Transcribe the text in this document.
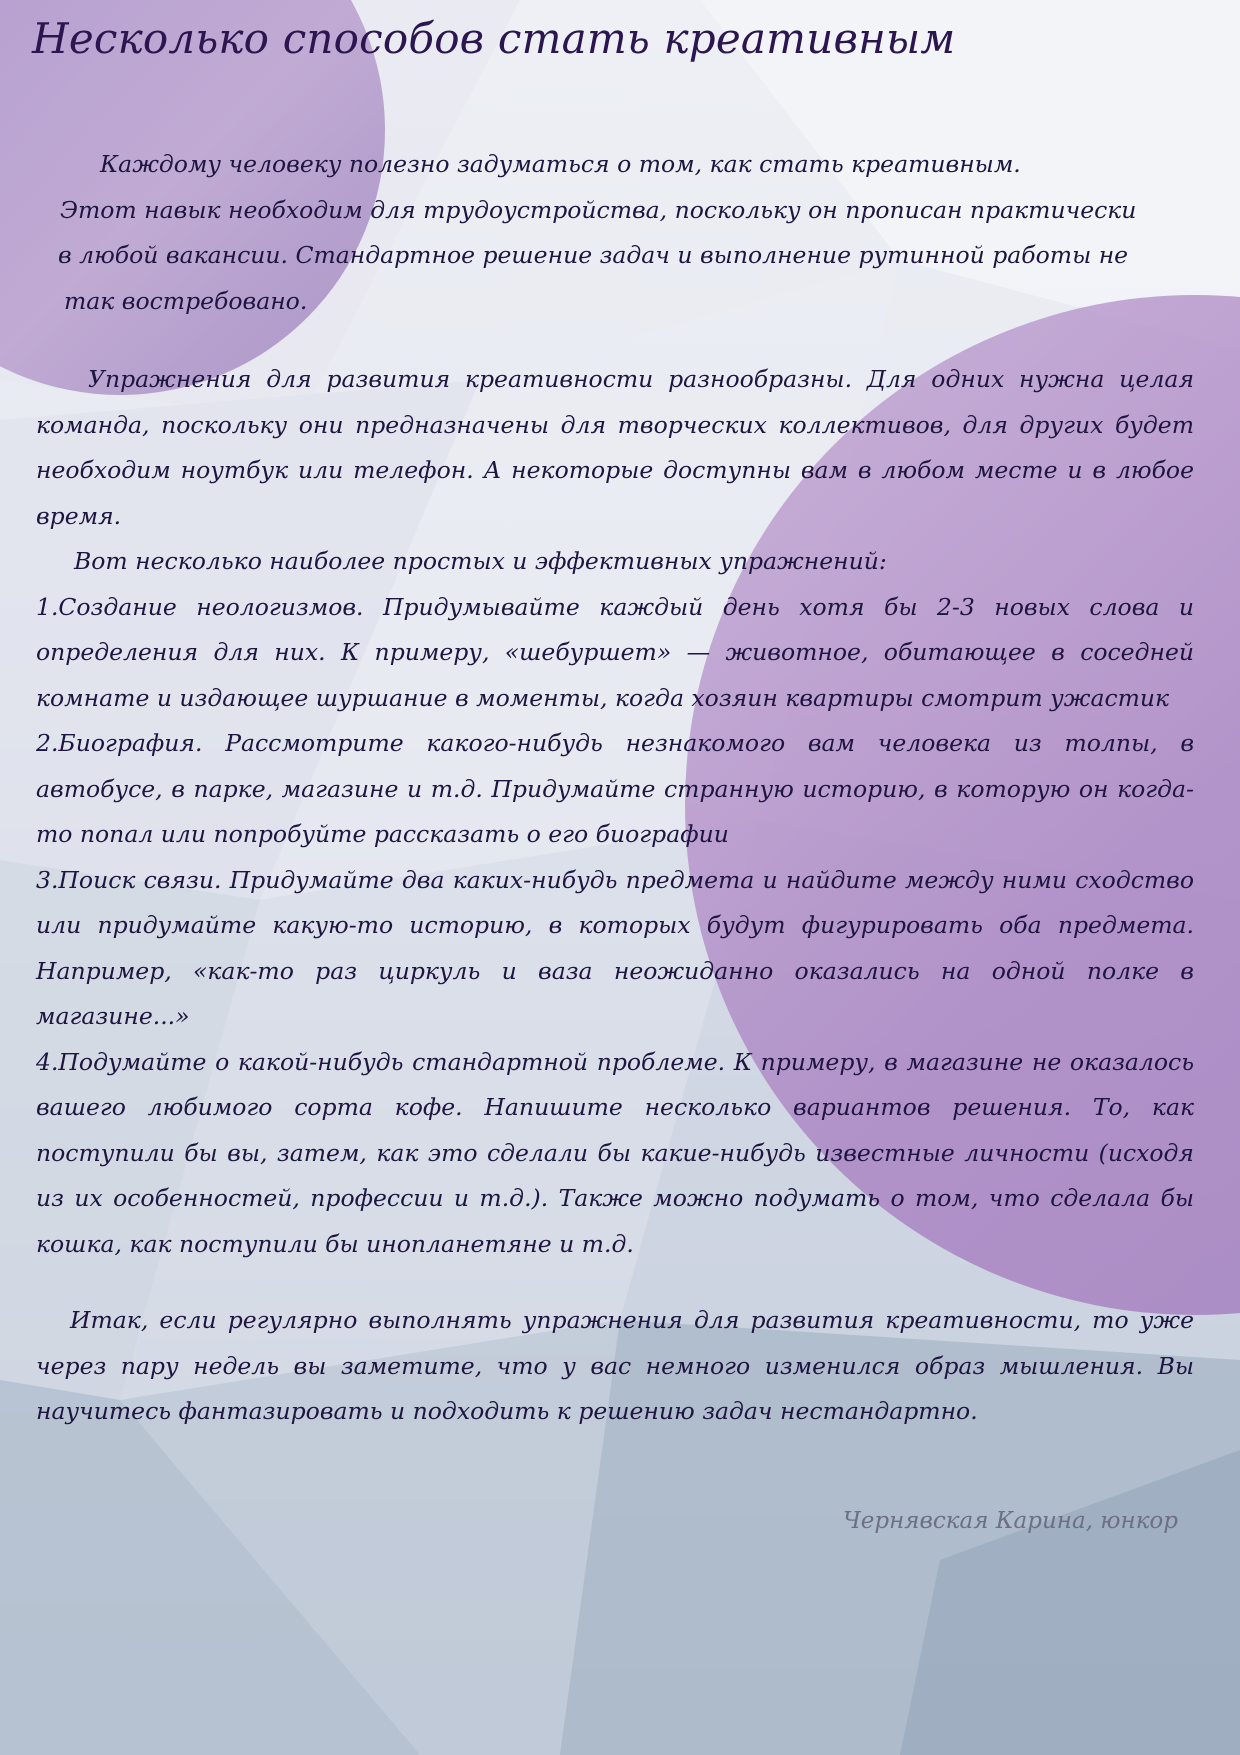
Несколько способов стать креативным

Каждому человеку полезно задуматься о том, как стать креативным.
Этот навык необходим для трудоустройства, поскольку он прописан практически
в любой вакансии. Стандартное решение задач и выполнение рутинной работы не
так востребовано.

Упражнения для развития креативности разнообразны. Для одних нужна целая команда, поскольку они предназначены для творческих коллективов, для других будет необходим ноутбук или телефон. А некоторые доступны вам в любом месте и в любое время.

Вот несколько наиболее простых и эффективных упражнений:
1.Создание неологизмов. Придумывайте каждый день хотя бы 2-3 новых слова и определения для них. К примеру, «шебуршет» — животное, обитающее в соседней комнате и издающее шуршание в моменты, когда хозяин квартиры смотрит ужастик
2.Биография. Рассмотрите какого-нибудь незнакомого вам человека из толпы, в автобусе, в парке, магазине и т.д. Придумайте странную историю, в которую он когда-то попал или попробуйте рассказать о его биографии
3.Поиск связи. Придумайте два каких-нибудь предмета и найдите между ними сходство или придумайте какую-то историю, в которых будут фигурировать оба предмета. Например, «как-то раз циркуль и ваза неожиданно оказались на одной полке в магазине...»
4.Подумайте о какой-нибудь стандартной проблеме. К примеру, в магазине не оказалось вашего любимого сорта кофе. Напишите несколько вариантов решения. То, как поступили бы вы, затем, как это сделали бы какие-нибудь известные личности (исходя из их особенностей, профессии и т.д.). Также можно подумать о том, что сделала бы кошка, как поступили бы инопланетяне и т.д.

Итак, если регулярно выполнять упражнения для развития креативности, то уже через пару недель вы заметите, что у вас немного изменился образ мышления. Вы научитесь фантазировать и подходить к решению задач нестандартно.

Чернявская Карина, юнкор
